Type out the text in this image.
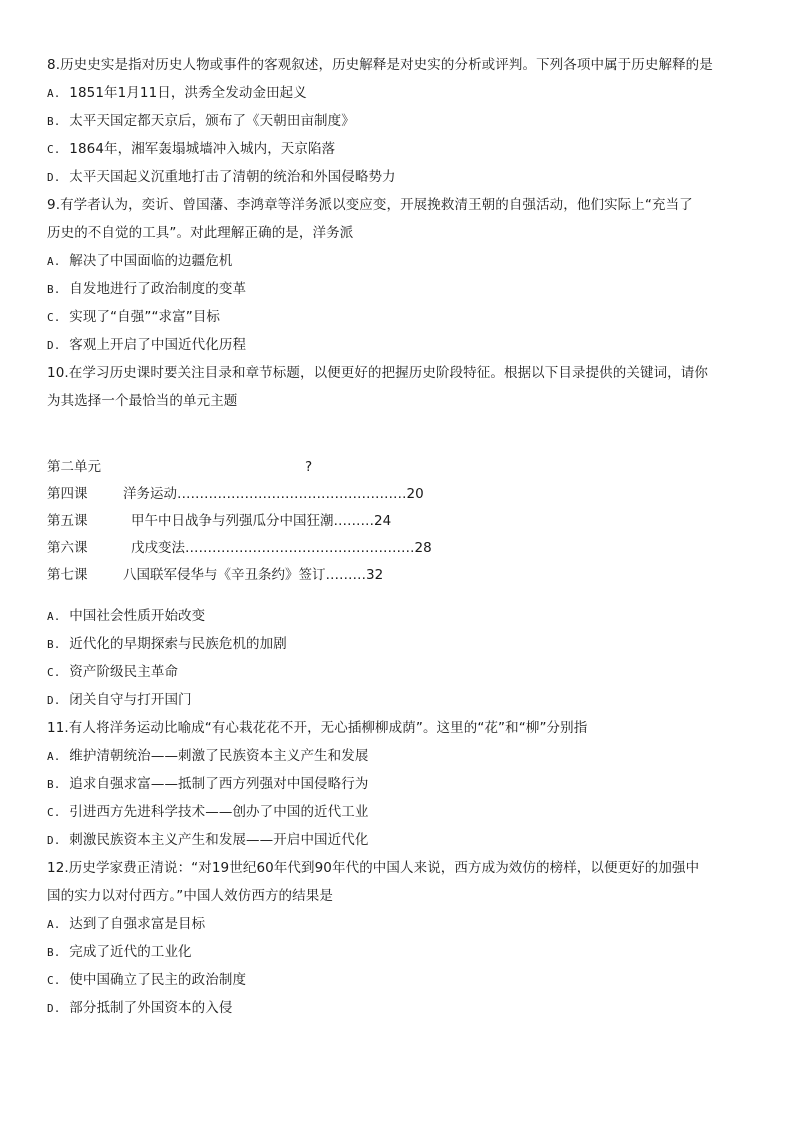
8.历史史实是指对历史人物或事件的客观叙述，历史解释是对史实的分析或评判。下列各项中属于历史解释的是
A. 1851年1月11日，洪秀全发动金田起义
B. 太平天国定都天京后，颁布了《天朝田亩制度》
C. 1864年，湘军轰塌城墙冲入城内，天京陷落
D. 太平天国起义沉重地打击了清朝的统治和外国侵略势力
9.有学者认为，奕䜣、曾国藩、李鸿章等洋务派以变应变，开展挽救清王朝的自强活动，他们实际上“充当了
历史的不自觉的工具”。对此理解正确的是，洋务派
A. 解决了中国面临的边疆危机
B. 自发地进行了政治制度的变革
C. 实现了“自强”“求富”目标
D. 客观上开启了中国近代化历程
10.在学习历史课时要关注目录和章节标题，以便更好的把握历史阶段特征。根据以下目录提供的关键词，请你
为其选择一个最恰当的单元主题
第二单元	?
第四课	洋务运动……………………………………………20
第五课	甲午中日战争与列强瓜分中国狂潮………24
第六课	戊戌变法……………………………………………28
第七课	八国联军侵华与《辛丑条约》签订………32
A. 中国社会性质开始改变
B. 近代化的早期探索与民族危机的加剧
C. 资产阶级民主革命
D. 闭关自守与打开国门
11.有人将洋务运动比喻成“有心栽花花不开，无心插柳柳成荫”。这里的“花”和“柳”分别指
A. 维护清朝统治——刺激了民族资本主义产生和发展
B. 追求自强求富——抵制了西方列强对中国侵略行为
C. 引进西方先进科学技术——创办了中国的近代工业
D. 刺激民族资本主义产生和发展——开启中国近代化
12.历史学家费正清说：“对19世纪60年代到90年代的中国人来说，西方成为效仿的榜样，以便更好的加强中
国的实力以对付西方。”中国人效仿西方的结果是
A. 达到了自强求富是目标
B. 完成了近代的工业化
C. 使中国确立了民主的政治制度
D. 部分抵制了外国资本的入侵
